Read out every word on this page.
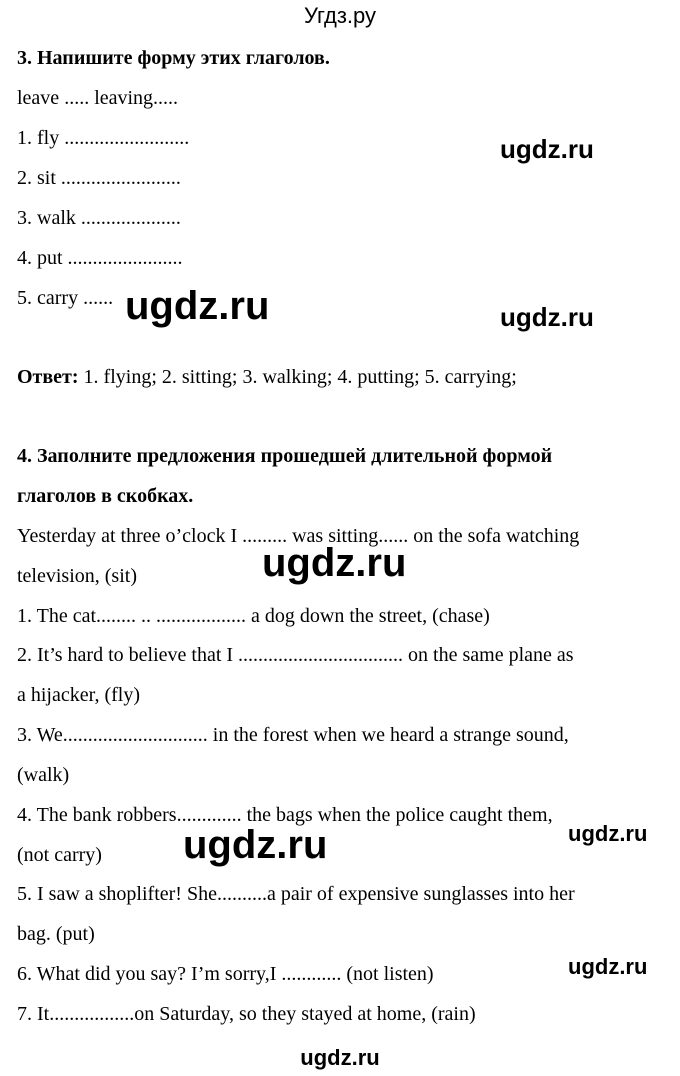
Угдз.ру
3. Напишите форму этих глаголов.
leave ..... leaving.....
1. fly .........................
2. sit ........................
3. walk ....................
4. put .......................
5. carry ......
Ответ: 1. flying; 2. sitting; 3. walking; 4. putting; 5. carrying;
4. Заполните предложения прошедшей длительной формой
глаголов в скобках.
Yesterday at three o’clock I ......... was sitting...... on the sofa watching
television, (sit)
1. The cat........ .. .................. a dog down the street, (chase)
2. It’s hard to believe that I ................................. on the same plane as
a hijacker, (fly)
3. We............................. in the forest when we heard a strange sound,
(walk)
4. The bank robbers............. the bags when the police caught them,
(not carry)
5. I saw a shoplifter! She..........a pair of expensive sunglasses into her
bag. (put)
6. What did you say? I’m sorry,I ............ (not listen)
7. It.................on Saturday, so they stayed at home, (rain)
ugdz.ru
ugdz.ru	ugdz.ru
ugdz.ru
ugdz.ru	ugdz.ru
ugdz.ru
ugdz.ru
